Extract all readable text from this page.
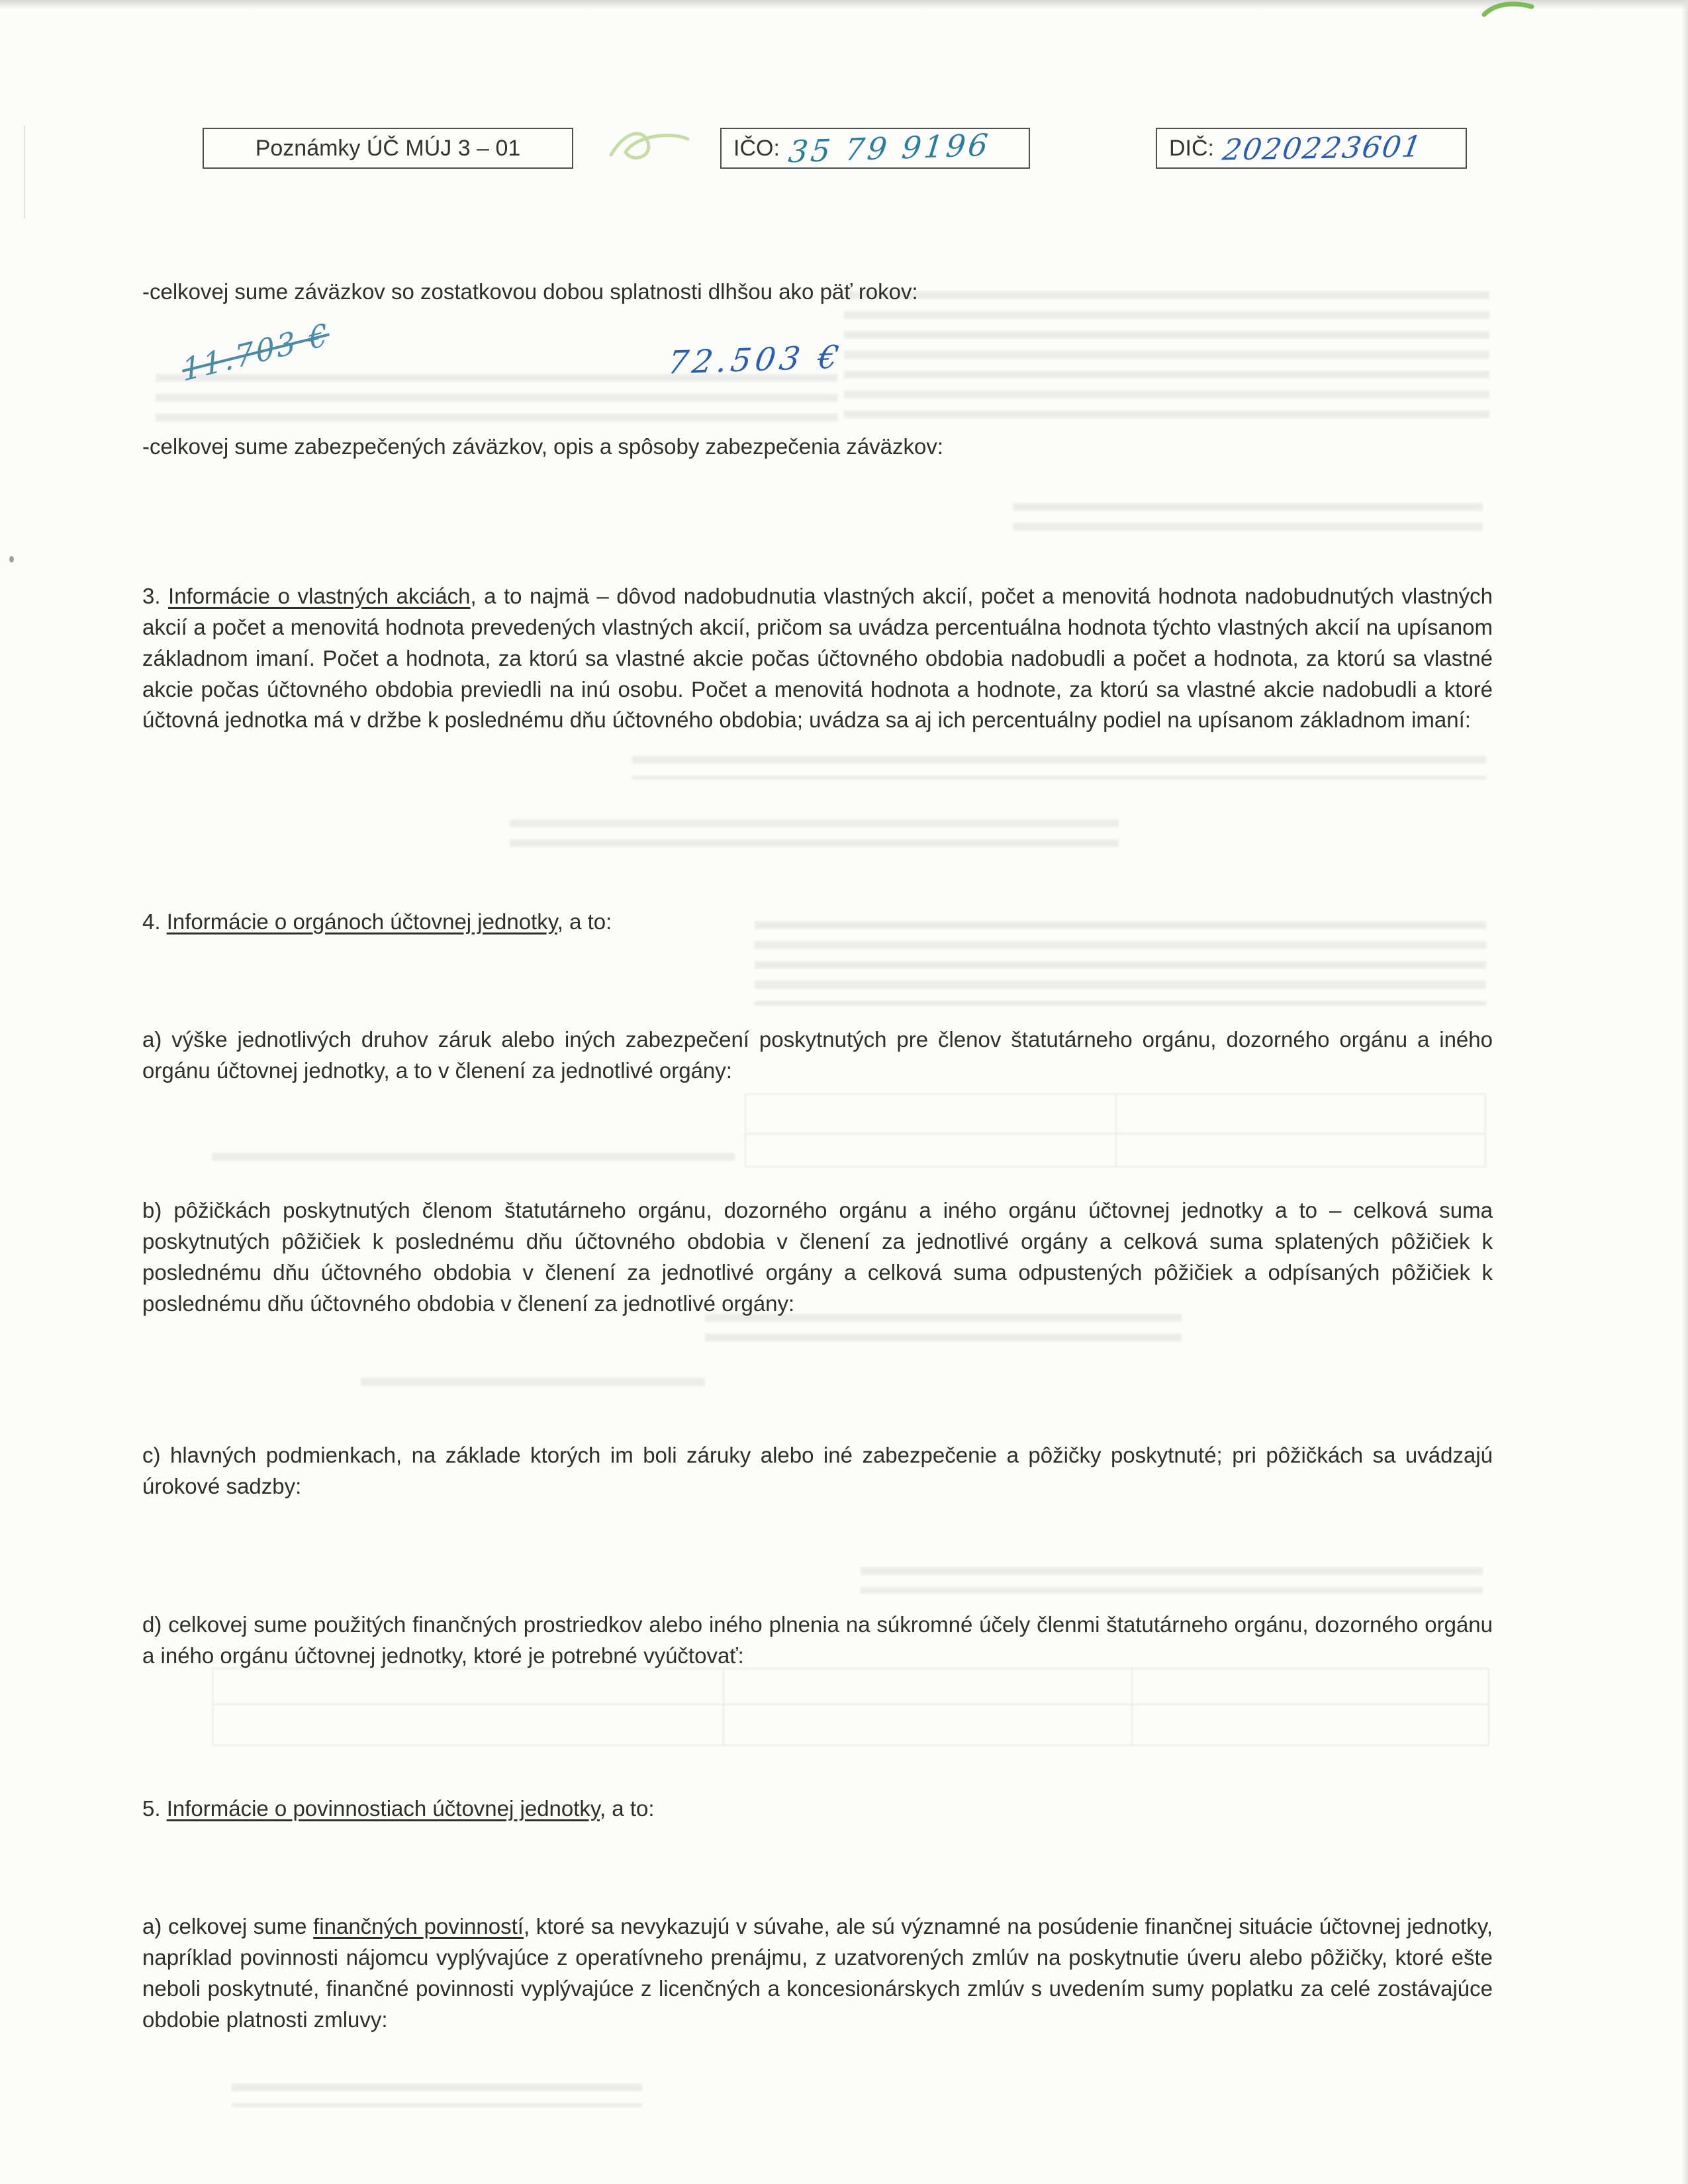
Poznámky ÚČ MÚJ 3 – 01	IČO: 35 79 9196	DIČ: 2020223601

-celkovej sume záväzkov so zostatkovou dobou splatnosti dlhšou ako päť rokov:

11.703 €	72.503 €

-celkovej sume zabezpečených záväzkov, opis a spôsoby zabezpečenia záväzkov:

3. Informácie o vlastných akciách, a to najmä – dôvod nadobudnutia vlastných akcií, počet a menovitá hodnota nadobudnutých vlastných akcií a počet a menovitá hodnota prevedených vlastných akcií, pričom sa uvádza percentuálna hodnota týchto vlastných akcií na upísanom základnom imaní. Počet a hodnota, za ktorú sa vlastné akcie počas účtovného obdobia nadobudli a počet a hodnota, za ktorú sa vlastné akcie počas účtovného obdobia previedli na inú osobu. Počet a menovitá hodnota a hodnote, za ktorú sa vlastné akcie nadobudli a ktoré účtovná jednotka má v držbe k poslednému dňu účtovného obdobia; uvádza sa aj ich percentuálny podiel na upísanom základnom imaní:

4. Informácie o orgánoch účtovnej jednotky, a to:

a) výške jednotlivých druhov záruk alebo iných zabezpečení poskytnutých pre členov štatutárneho orgánu, dozorného orgánu a iného orgánu účtovnej jednotky, a to v členení za jednotlivé orgány:

b) pôžičkách poskytnutých členom štatutárneho orgánu, dozorného orgánu a iného orgánu účtovnej jednotky a to – celková suma poskytnutých pôžičiek k poslednému dňu účtovného obdobia v členení za jednotlivé orgány a celková suma splatených pôžičiek k poslednému dňu účtovného obdobia v členení za jednotlivé orgány a celková suma odpustených pôžičiek a odpísaných pôžičiek k poslednému dňu účtovného obdobia v členení za jednotlivé orgány:

c) hlavných podmienkach, na základe ktorých im boli záruky alebo iné zabezpečenie a pôžičky poskytnuté; pri pôžičkách sa uvádzajú úrokové sadzby:

d) celkovej sume použitých finančných prostriedkov alebo iného plnenia na súkromné účely členmi štatutárneho orgánu, dozorného orgánu a iného orgánu účtovnej jednotky, ktoré je potrebné vyúčtovať:

5. Informácie o povinnostiach účtovnej jednotky, a to:

a) celkovej sume finančných povinností, ktoré sa nevykazujú v súvahe, ale sú významné na posúdenie finančnej situácie účtovnej jednotky, napríklad povinnosti nájomcu vyplývajúce z operatívneho prenájmu, z uzatvorených zmlúv na poskytnutie úveru alebo pôžičky, ktoré ešte neboli poskytnuté, finančné povinnosti vyplývajúce z licenčných a koncesionárskych zmlúv s uvedením sumy poplatku za celé zostávajúce obdobie platnosti zmluvy:
